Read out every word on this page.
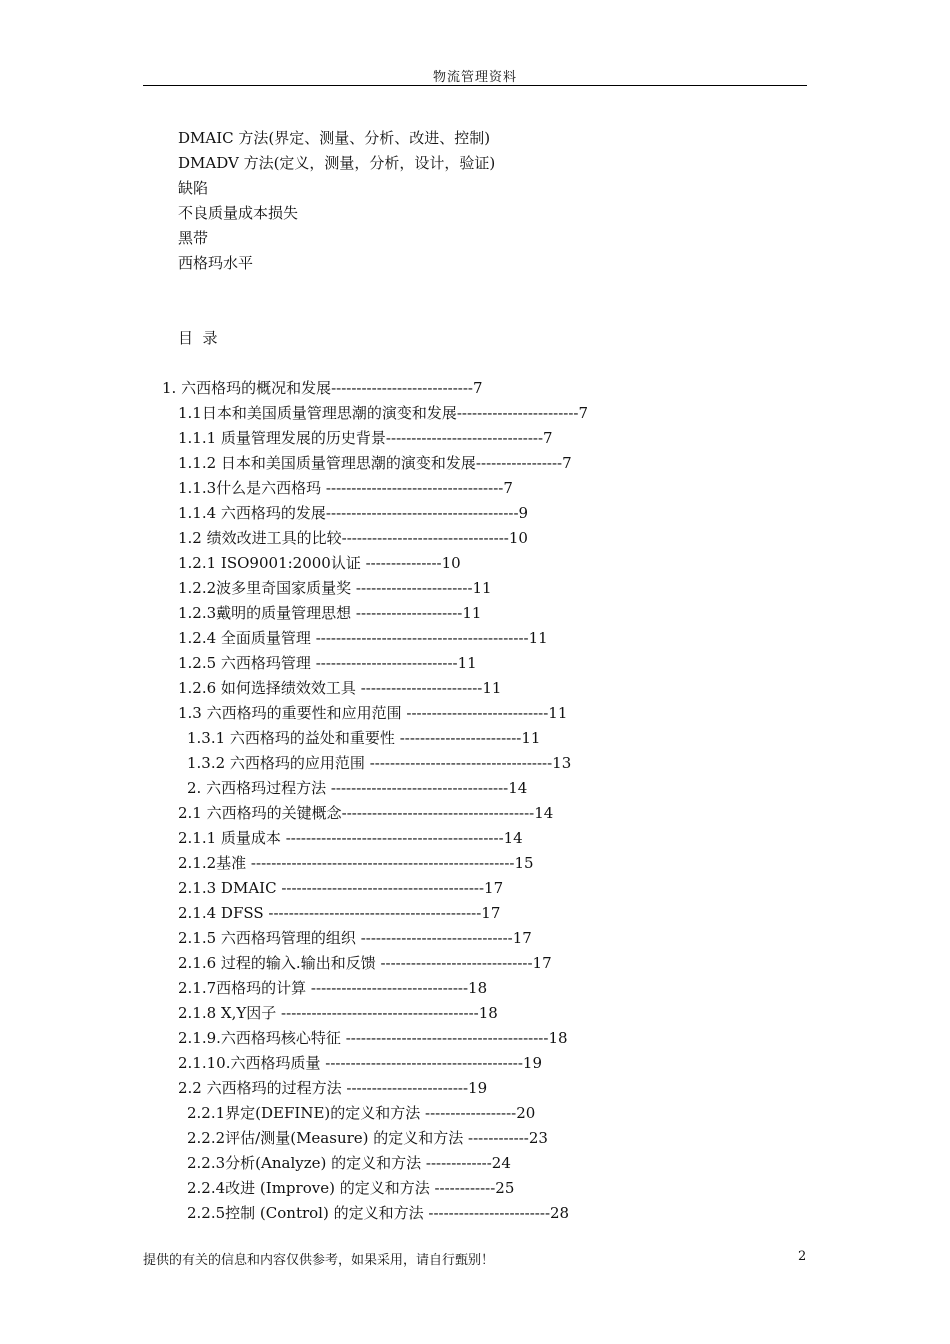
物流管理资料
DMAIC 方法(界定、测量、分析、改进、控制)
DMADV 方法(定义，测量，分析，设计，验证)
缺陷
不良质量成本损失
黑带
西格玛水平
目  录
1. 六西格玛的概况和发展----------------------------7
1.1日本和美国质量管理思潮的演变和发展------------------------7
1.1.1 质量管理发展的历史背景-------------------------------7
1.1.2 日本和美国质量管理思潮的演变和发展-----------------7
1.1.3什么是六西格玛 -----------------------------------7
1.1.4 六西格玛的发展--------------------------------------9
1.2 绩效改进工具的比较---------------------------------10
1.2.1 ISO9001:2000认证 ---------------10
1.2.2波多里奇国家质量奖 -----------------------11
1.2.3戴明的质量管理思想 ---------------------11
1.2.4 全面质量管理 ------------------------------------------11
1.2.5 六西格玛管理 ----------------------------11
1.2.6 如何选择绩效效工具 ------------------------11
1.3 六西格玛的重要性和应用范围 ----------------------------11
1.3.1 六西格玛的益处和重要性 ------------------------11
1.3.2 六西格玛的应用范围 ------------------------------------13
2. 六西格玛过程方法 -----------------------------------14
2.1 六西格玛的关键概念--------------------------------------14
2.1.1 质量成本 -------------------------------------------14
2.1.2基准 ----------------------------------------------------15
2.1.3 DMAIC ----------------------------------------17
2.1.4 DFSS ------------------------------------------17
2.1.5 六西格玛管理的组织 ------------------------------17
2.1.6 过程的输入.输出和反馈 ------------------------------17
2.1.7西格玛的计算 -------------------------------18
2.1.8 X,Y因子 ---------------------------------------18
2.1.9.六西格玛核心特征 ----------------------------------------18
2.1.10.六西格玛质量 ---------------------------------------19
2.2 六西格玛的过程方法 ------------------------19
2.2.1界定(DEFINE)的定义和方法 ------------------20
2.2.2评估/测量(Measure) 的定义和方法 ------------23
2.2.3分析(Analyze) 的定义和方法 -------------24
2.2.4改进 (Improve) 的定义和方法 ------------25
2.2.5控制 (Control) 的定义和方法 ------------------------28
提供的有关的信息和内容仅供参考，如果采用，请自行甄别！	2
